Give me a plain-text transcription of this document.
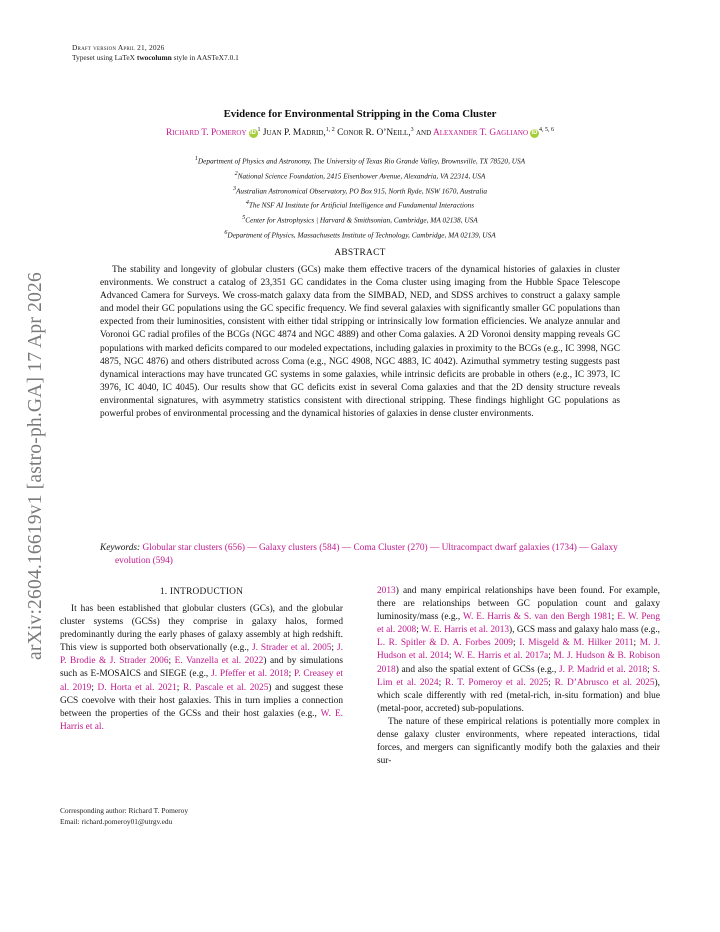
Draft version April 21, 2026
Typeset using LaTeX twocolumn style in AASTeX7.0.1
arXiv:2604.16619v1 [astro-ph.GA] 17 Apr 2026
Evidence for Environmental Stripping in the Coma Cluster
Richard T. Pomeroy $iD^1$ Juan P. Madrid,$^{1, 2}$ Conor R. O’Neill,$^3$ and Alexander T. Gagliano iD$^{4, 5, 6}$
$^1$Department of Physics and Astronomy, The University of Texas Rio Grande Valley, Brownsville, TX 78520, USA
$^2$National Science Foundation, 2415 Eisenhower Avenue, Alexandria, VA 22314, USA
$^3$Australian Astronomical Observatory, PO Box 915, North Ryde, NSW 1670, Australia
$^4$The NSF AI Institute for Artificial Intelligence and Fundamental Interactions
$^5$Center for Astrophysics | Harvard & Smithsonian, Cambridge, MA 02138, USA
$^6$Department of Physics, Massachusetts Institute of Technology, Cambridge, MA 02139, USA
ABSTRACT
The stability and longevity of globular clusters (GCs) make them effective tracers of the dynamical histories of galaxies in cluster environments. We construct a catalog of 23,351 GC candidates in the Coma cluster using imaging from the Hubble Space Telescope Advanced Camera for Surveys. We cross-match galaxy data from the SIMBAD, NED, and SDSS archives to construct a galaxy sample and model their GC populations using the GC specific frequency. We find several galaxies with significantly smaller GC populations than expected from their luminosities, consistent with either tidal stripping or intrinsically low formation efficiencies. We analyze annular and Voronoi GC radial profiles of the BCGs (NGC 4874 and NGC 4889) and other Coma galaxies. A 2D Voronoi density mapping reveals GC populations with marked deficits compared to our modeled expectations, including galaxies in proximity to the BCGs (e.g., IC 3998, NGC 4875, NGC 4876) and others distributed across Coma (e.g., NGC 4908, NGC 4883, IC 4042). Azimuthal symmetry testing suggests past dynamical interactions may have truncated GC systems in some galaxies, while intrinsic deficits are probable in others (e.g., IC 3973, IC 3976, IC 4040, IC 4045). Our results show that GC deficits exist in several Coma galaxies and that the 2D density structure reveals environmental signatures, with asymmetry statistics consistent with directional stripping. These findings highlight GC populations as powerful probes of environmental processing and the dynamical histories of galaxies in dense cluster environments.
Keywords: Globular star clusters (656) — Galaxy clusters (584) — Coma Cluster (270) — Ultracompact dwarf galaxies (1734) — Galaxy evolution (594)
1. INTRODUCTION

It has been established that globular clusters (GCs), and the globular cluster systems (GCSs) they comprise in galaxy halos, formed predominantly during the early phases of galaxy assembly at high redshift. This view is supported both observationally (e.g., J. Strader et al. 2005; J. P. Brodie & J. Strader 2006; E. Vanzella et al. 2022) and by simulations such as E-MOSAICS and SIEGE (e.g., J. Pfeffer et al. 2018; P. Creasey et al. 2019; D. Horta et al. 2021; R. Pascale et al. 2025) and suggest these GCS coevolve with their host galaxies. This in turn implies a connection between the properties of the GCSs and their host galaxies (e.g., W. E. Harris et al.

2013) and many empirical relationships have been found. For example, there are relationships between GC population count and galaxy luminosity/mass (e.g., W. E. Harris & S. van den Bergh 1981; E. W. Peng et al. 2008; W. E. Harris et al. 2013), GCS mass and galaxy halo mass (e.g., L. R. Spitler & D. A. Forbes 2009; I. Misgeld & M. Hilker 2011; M. J. Hudson et al. 2014; W. E. Harris et al. 2017a; M. J. Hudson & B. Robison 2018) and also the spatial extent of GCSs (e.g., J. P. Madrid et al. 2018; S. Lim et al. 2024; R. T. Pomeroy et al. 2025; R. D’Abrusco et al. 2025), which scale differently with red (metal-rich, in-situ formation) and blue (metal-poor, accreted) sub-populations.

The nature of these empirical relations is potentially more complex in dense galaxy cluster environments, where repeated interactions, tidal forces, and mergers can significantly modify both the galaxies and their sur-

Corresponding author: Richard T. Pomeroy
Email: richard.pomeroy01@utrgv.edu
